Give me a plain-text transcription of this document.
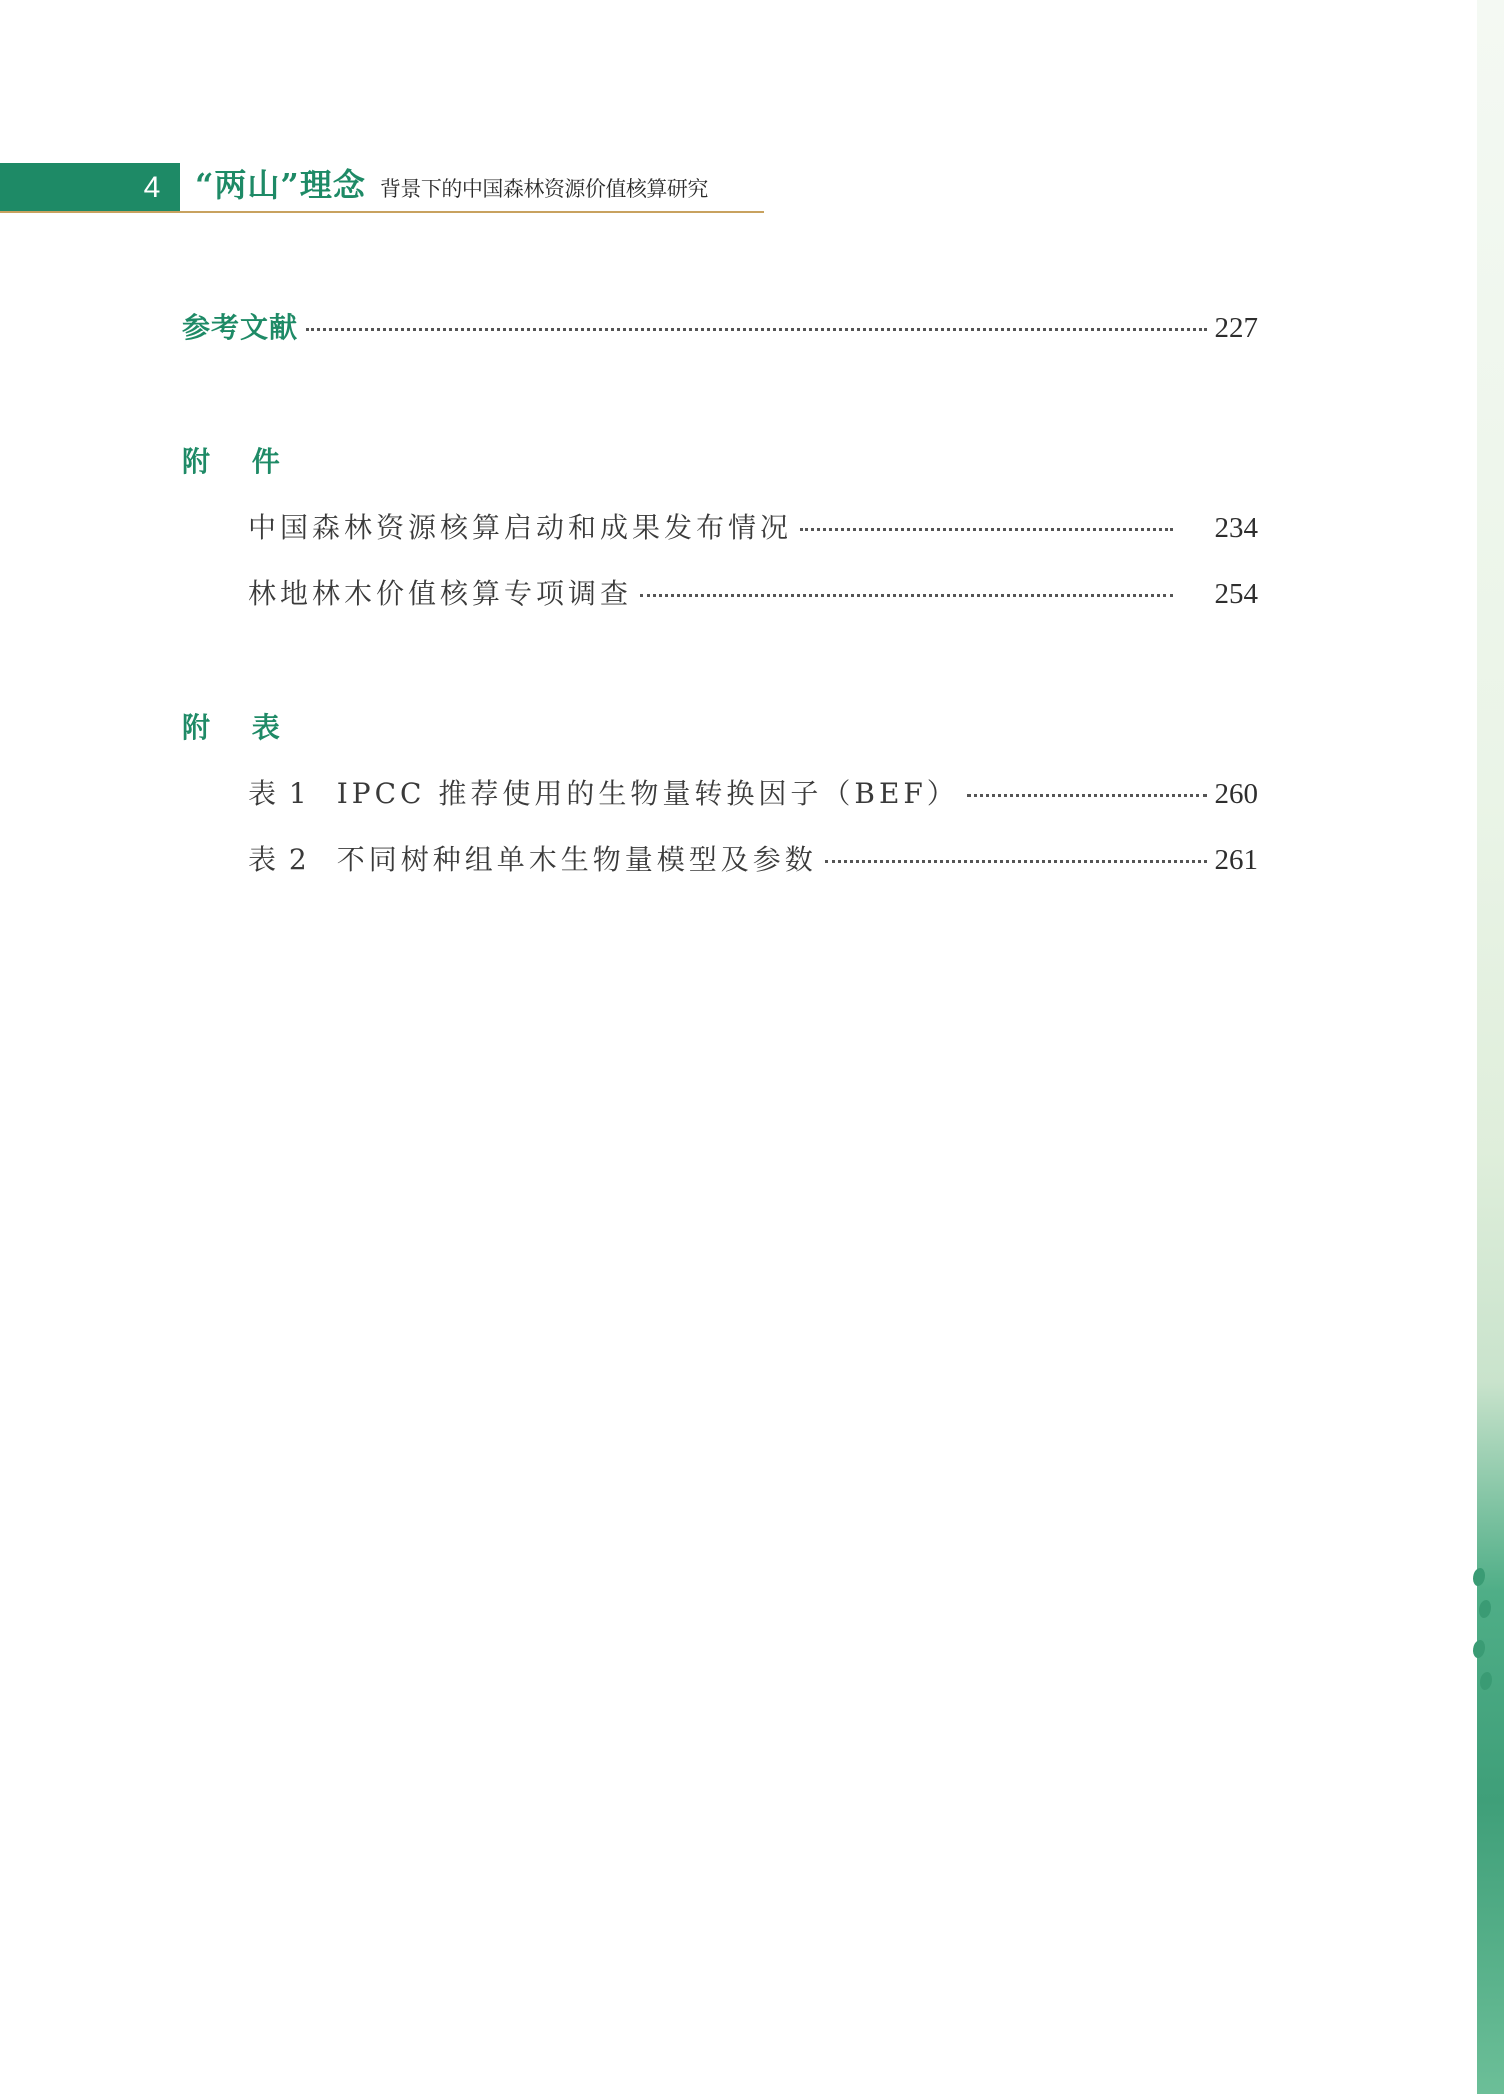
4	“两山”理念 背景下的中国森林资源价值核算研究
参考文献	227
附 件
中国森林资源核算启动和成果发布情况	234
林地林木价值核算专项调查	254
附 表
表 1 IPCC 推荐使用的生物量转换因子（BEF）	260
表 2 不同树种组单木生物量模型及参数	261
